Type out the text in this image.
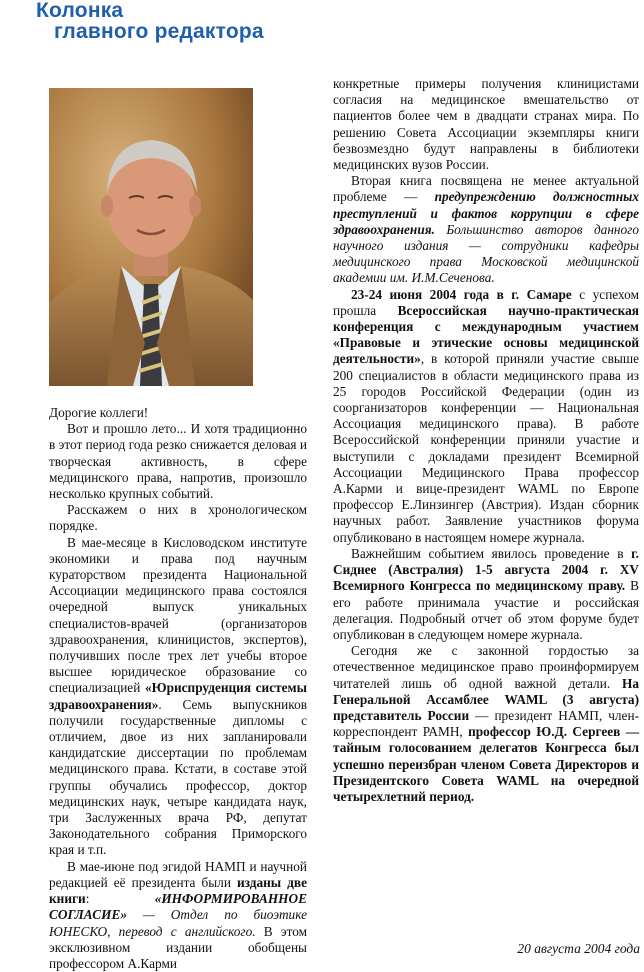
Колонка
главного редактора

Дорогие коллеги!

Вот и прошло лето... И хотя традиционно в этот период года резко снижается деловая и творческая активность, в сфере медицинского права, напротив, произошло несколько крупных событий.

Расскажем о них в хронологическом порядке.

В мае-месяце в Кисловодском институте экономики и права под научным кураторством президента Национальной Ассоциации медицинского права состоялся очередной выпуск уникальных специалистов-врачей (организаторов здравоохранения, клиницистов, экспертов), получивших после трех лет учебы второе высшее юридическое образование со специализацией «Юриспруденция системы здравоохранения». Семь выпускников получили государственные дипломы с отличием, двое из них запланировали кандидатские диссертации по проблемам медицинского права. Кстати, в составе этой группы обучались профессор, доктор медицинских наук, четыре кандидата наук, три Заслуженных врача РФ, депутат Законодательного собрания Приморского края и т.п.

В мае-июне под эгидой НАМП и научной редакцией её президента были изданы две книги: «ИНФОРМИРОВАННОЕ СОГЛАСИЕ» — Отдел по биоэтике ЮНЕСКО, перевод с английского. В этом эксклюзивном издании обобщены профессором А.Карми

конкретные примеры получения клиницистами согласия на медицинское вмешательство от пациентов более чем в двадцати странах мира. По решению Совета Ассоциации экземпляры книги безвозмездно будут направлены в библиотеки медицинских вузов России.

Вторая книга посвящена не менее актуальной проблеме — предупреждению должностных преступлений и фактов коррупции в сфере здравоохранения. Большинство авторов данного научного издания — сотрудники кафедры медицинского права Московской медицинской академии им. И.М.Сеченова.

23-24 июня 2004 года в г. Самаре с успехом прошла Всероссийская научно-практическая конференция с международным участием «Правовые и этические основы медицинской деятельности», в которой приняли участие свыше 200 специалистов в области медицинского права из 25 городов Российской Федерации (один из соорганизаторов конференции — Национальная Ассоциация медицинского права). В работе Всероссийской конференции приняли участие и выступили с докладами президент Всемирной Ассоциации Медицинского Права профессор А.Карми и вице-президент WAML по Европе профессор Е.Линзингер (Австрия). Издан сборник научных работ. Заявление участников форума опубликовано в настоящем номере журнала.

Важнейшим событием явилось проведение в г. Сиднее (Австралия) 1-5 августа 2004 г. XV Всемирного Конгресса по медицинскому праву. В его работе принимала участие и российская делегация. Подробный отчет об этом форуме будет опубликован в следующем номере журнала.

Сегодня же с законной гордостью за отечественное медицинское право проинформируем читателей лишь об одной важной детали. На Генеральной Ассамблее WAML (3 августа) представитель России — президент НАМП, член-корреспондент РАМН, профессор Ю.Д. Сергеев — тайным голосованием делегатов Конгресса был успешно переизбран членом Совета Директоров и Президентского Совета WAML на очередной четырехлетний период.

20 августа 2004 года
